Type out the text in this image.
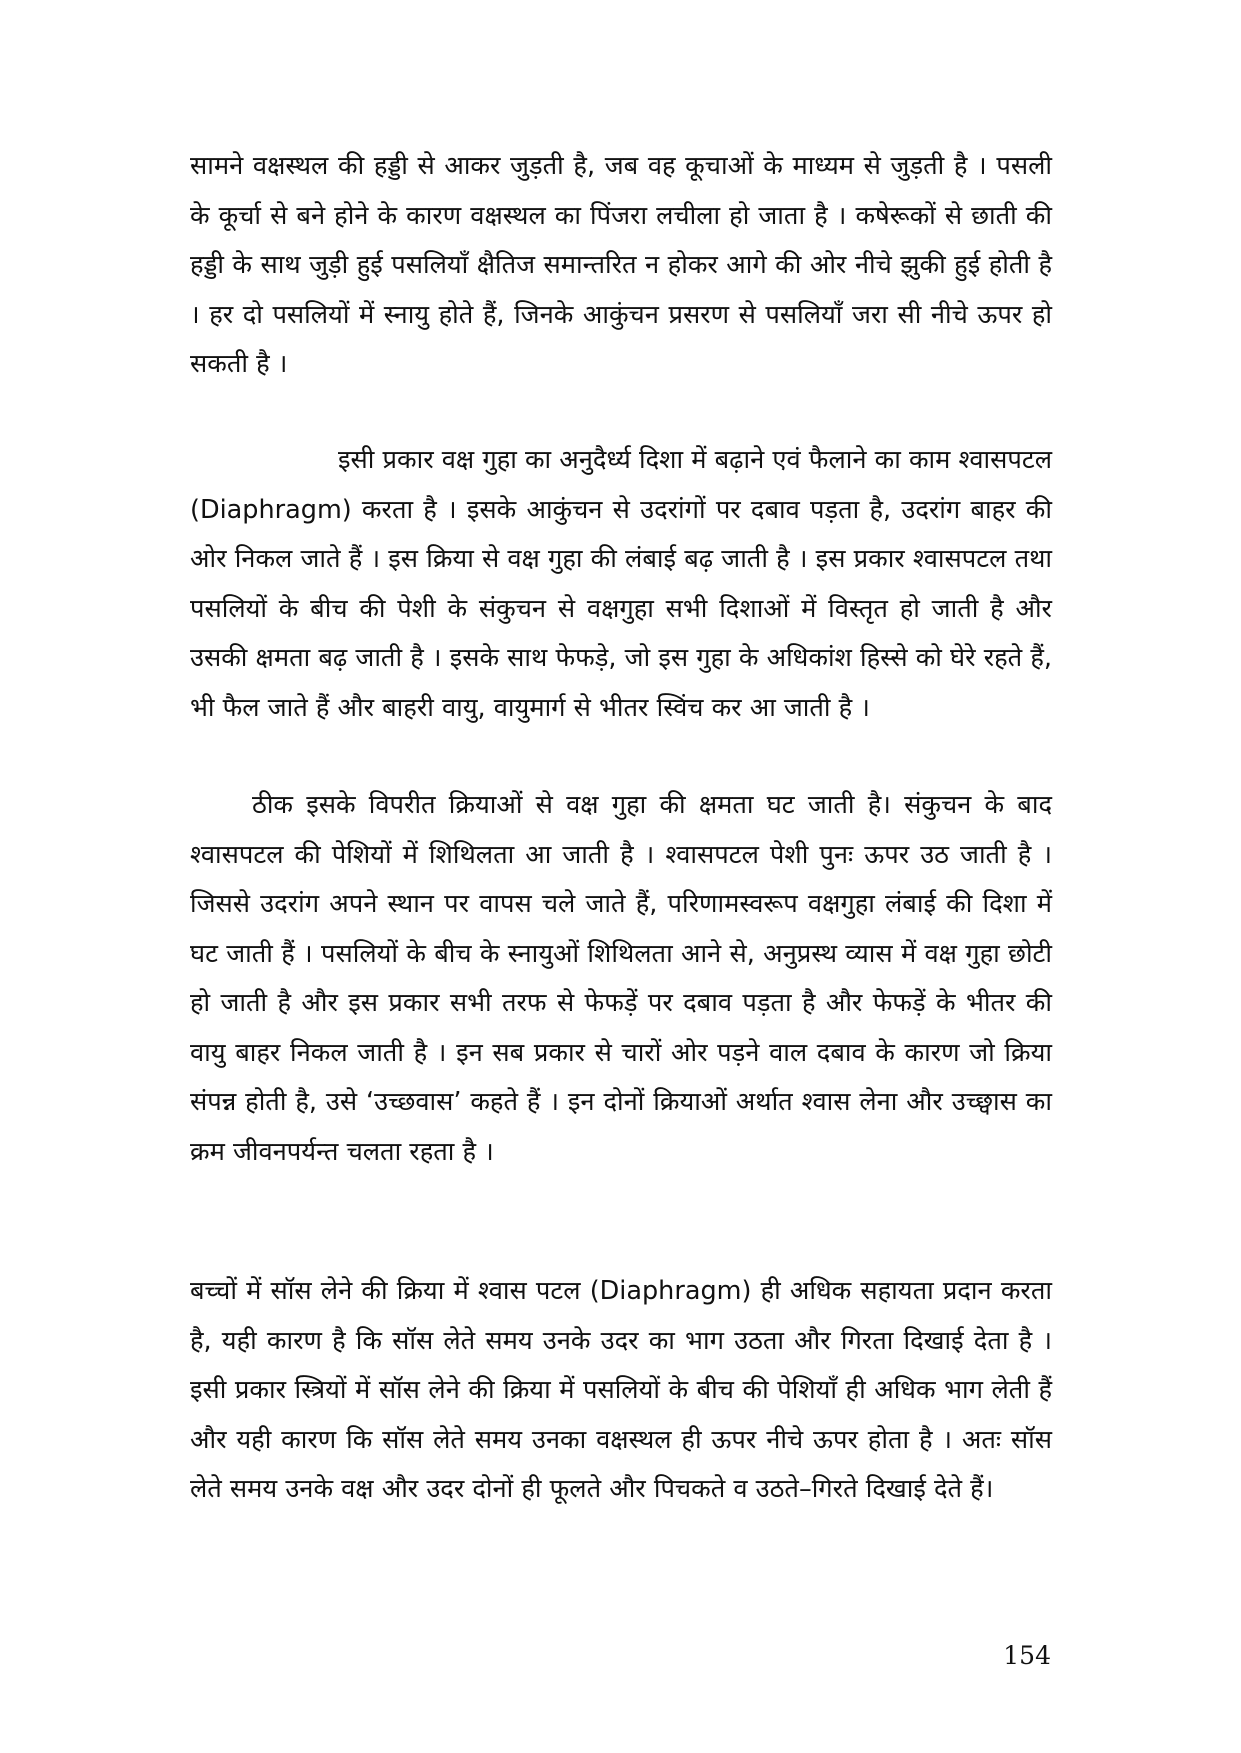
सामने वक्षस्थल की हड्डी से आकर जुड़ती है, जब वह कूचाओं के माध्यम से जुड़ती है । पसली के कूर्चा से बने होने के कारण वक्षस्थल का पिंजरा लचीला हो जाता है । कषेरूकों से छाती की हड्डी के साथ जुड़ी हुई पसलियॉं क्षैतिज समान्तरित न होकर आगे की ओर नीचे झुकी हुई होती है । हर दो पसलियों में स्नायु होते हैं, जिनके आकुंचन प्रसरण से पसलियॉं जरा सी नीचे ऊपर हो सकती है ।

इसी प्रकार वक्ष गुहा का अनुदैर्ध्य दिशा में बढ़ाने एवं फैलाने का काम श्वासपटल (Diaphragm) करता है । इसके आकुंचन से उदरांगों पर दबाव पड़ता है, उदरांग बाहर की ओर निकल जाते हैं । इस क्रिया से वक्ष गुहा की लंबाई बढ़ जाती है । इस प्रकार श्वासपटल तथा पसलियों के बीच की पेशी के संकुचन से वक्षगुहा सभी दिशाओं में विस्तृत हो जाती है और उसकी क्षमता बढ़ जाती है । इसके साथ फेफड़े, जो इस गुहा के अधिकांश हिस्से को घेरे रहते हैं, भी फैल जाते हैं और बाहरी वायु, वायुमार्ग से भीतर स्विंच कर आ जाती है ।

ठीक इसके विपरीत क्रियाओं से वक्ष गुहा की क्षमता घट जाती है। संकुचन के बाद श्वासपटल की पेशियों में शिथिलता आ जाती है । श्वासपटल पेशी पुनः ऊपर उठ जाती है । जिससे उदरांग अपने स्थान पर वापस चले जाते हैं, परिणामस्वरूप वक्षगुहा लंबाई की दिशा में घट जाती हैं । पसलियों के बीच के स्नायुओं शिथिलता आने से, अनुप्रस्थ व्यास में वक्ष गुहा छोटी हो जाती है और इस प्रकार सभी तरफ से फेफड़ें पर दबाव पड़ता है और फेफड़ें के भीतर की वायु बाहर निकल जाती है । इन सब प्रकार से चारों ओर पड़ने वाल दबाव के कारण जो क्रिया संपन्न होती है, उसे ‘उच्छवास’ कहते हैं । इन दोनों क्रियाओं अर्थात श्वास लेना और उच्छ्वास का क्रम जीवनपर्यन्त चलता रहता है ।

बच्चों में सॉस लेने की क्रिया में श्वास पटल (Diaphragm) ही अधिक सहायता प्रदान करता है, यही कारण है कि सॉस लेते समय उनके उदर का भाग उठता और गिरता दिखाई देता है । इसी प्रकार स्त्रियों में सॉस लेने की क्रिया में पसलियों के बीच की पेशियॉं ही अधिक भाग लेती हैं और यही कारण कि सॉस लेते समय उनका वक्षस्थल ही ऊपर नीचे ऊपर होता है । अतः सॉस लेते समय उनके वक्ष और उदर दोनों ही फूलते और पिचकते व उठते–गिरते दिखाई देते हैं।

154
